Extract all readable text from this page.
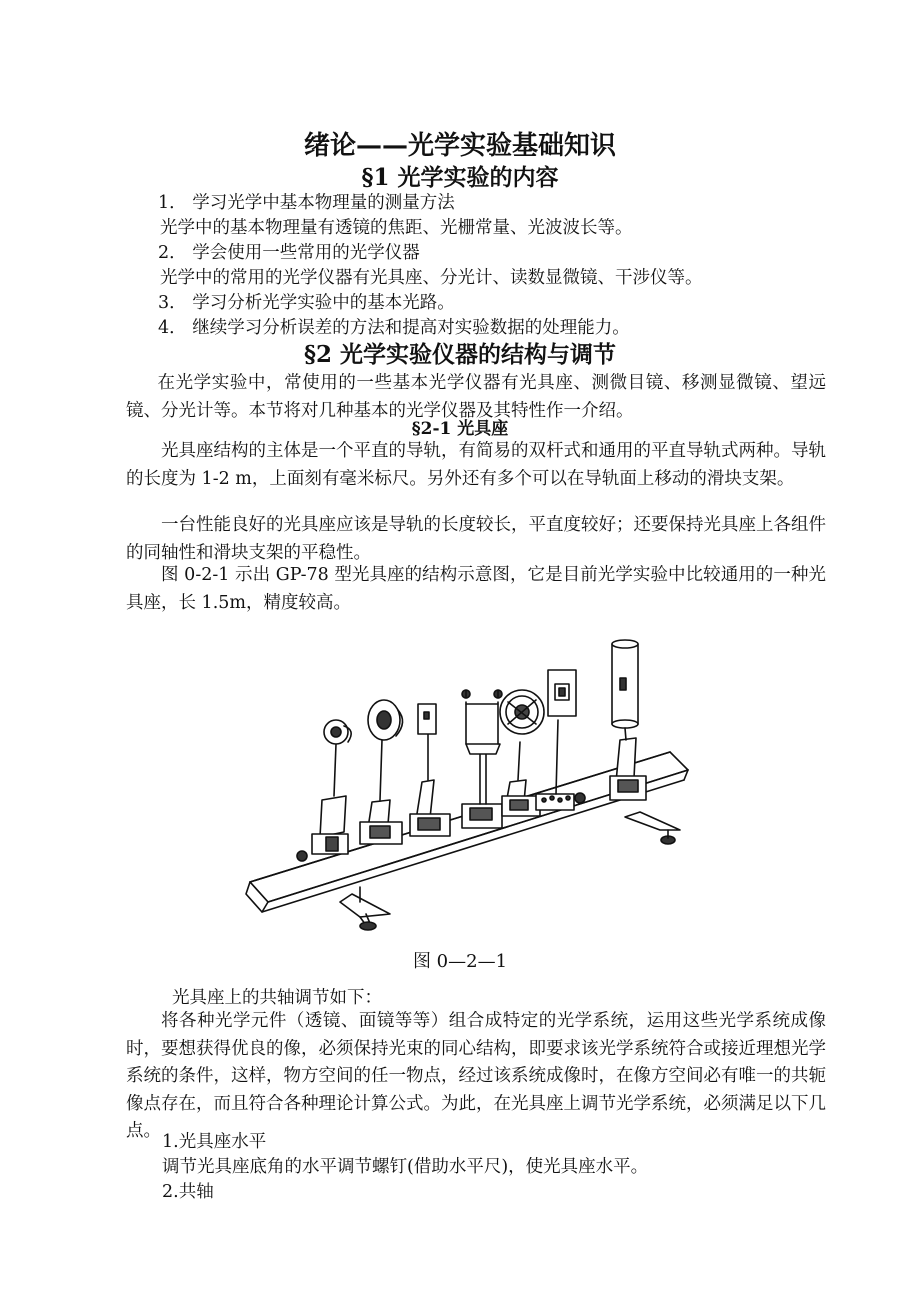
绪论——光学实验基础知识
§1 光学实验的内容
1． 学习光学中基本物理量的测量方法
光学中的基本物理量有透镜的焦距、光栅常量、光波波长等。
2． 学会使用一些常用的光学仪器
光学中的常用的光学仪器有光具座、分光计、读数显微镜、干涉仪等。
3． 学习分析光学实验中的基本光路。
4． 继续学习分析误差的方法和提高对实验数据的处理能力。
§2 光学实验仪器的结构与调节
在光学实验中，常使用的一些基本光学仪器有光具座、测微目镜、移测显微镜、望远镜、分光计等。本节将对几种基本的光学仪器及其特性作一介绍。
§2-1 光具座
光具座结构的主体是一个平直的导轨，有简易的双杆式和通用的平直导轨式两种。导轨的长度为 1-2 m，上面刻有毫米标尺。另外还有多个可以在导轨面上移动的滑块支架。
一台性能良好的光具座应该是导轨的长度较长，平直度较好；还要保持光具座上各组件的同轴性和滑块支架的平稳性。
图 0-2-1 示出 GP-78 型光具座的结构示意图，它是目前光学实验中比较通用的一种光具座，长 1.5m，精度较高。
图 0—2—1
光具座上的共轴调节如下：
将各种光学元件（透镜、面镜等等）组合成特定的光学系统，运用这些光学系统成像时，要想获得优良的像，必须保持光束的同心结构，即要求该光学系统符合或接近理想光学系统的条件，这样，物方空间的任一物点，经过该系统成像时，在像方空间必有唯一的共轭像点存在，而且符合各种理论计算公式。为此，在光具座上调节光学系统，必须满足以下几点。
1.光具座水平
调节光具座底角的水平调节螺钉(借助水平尺)，使光具座水平。
2.共轴
